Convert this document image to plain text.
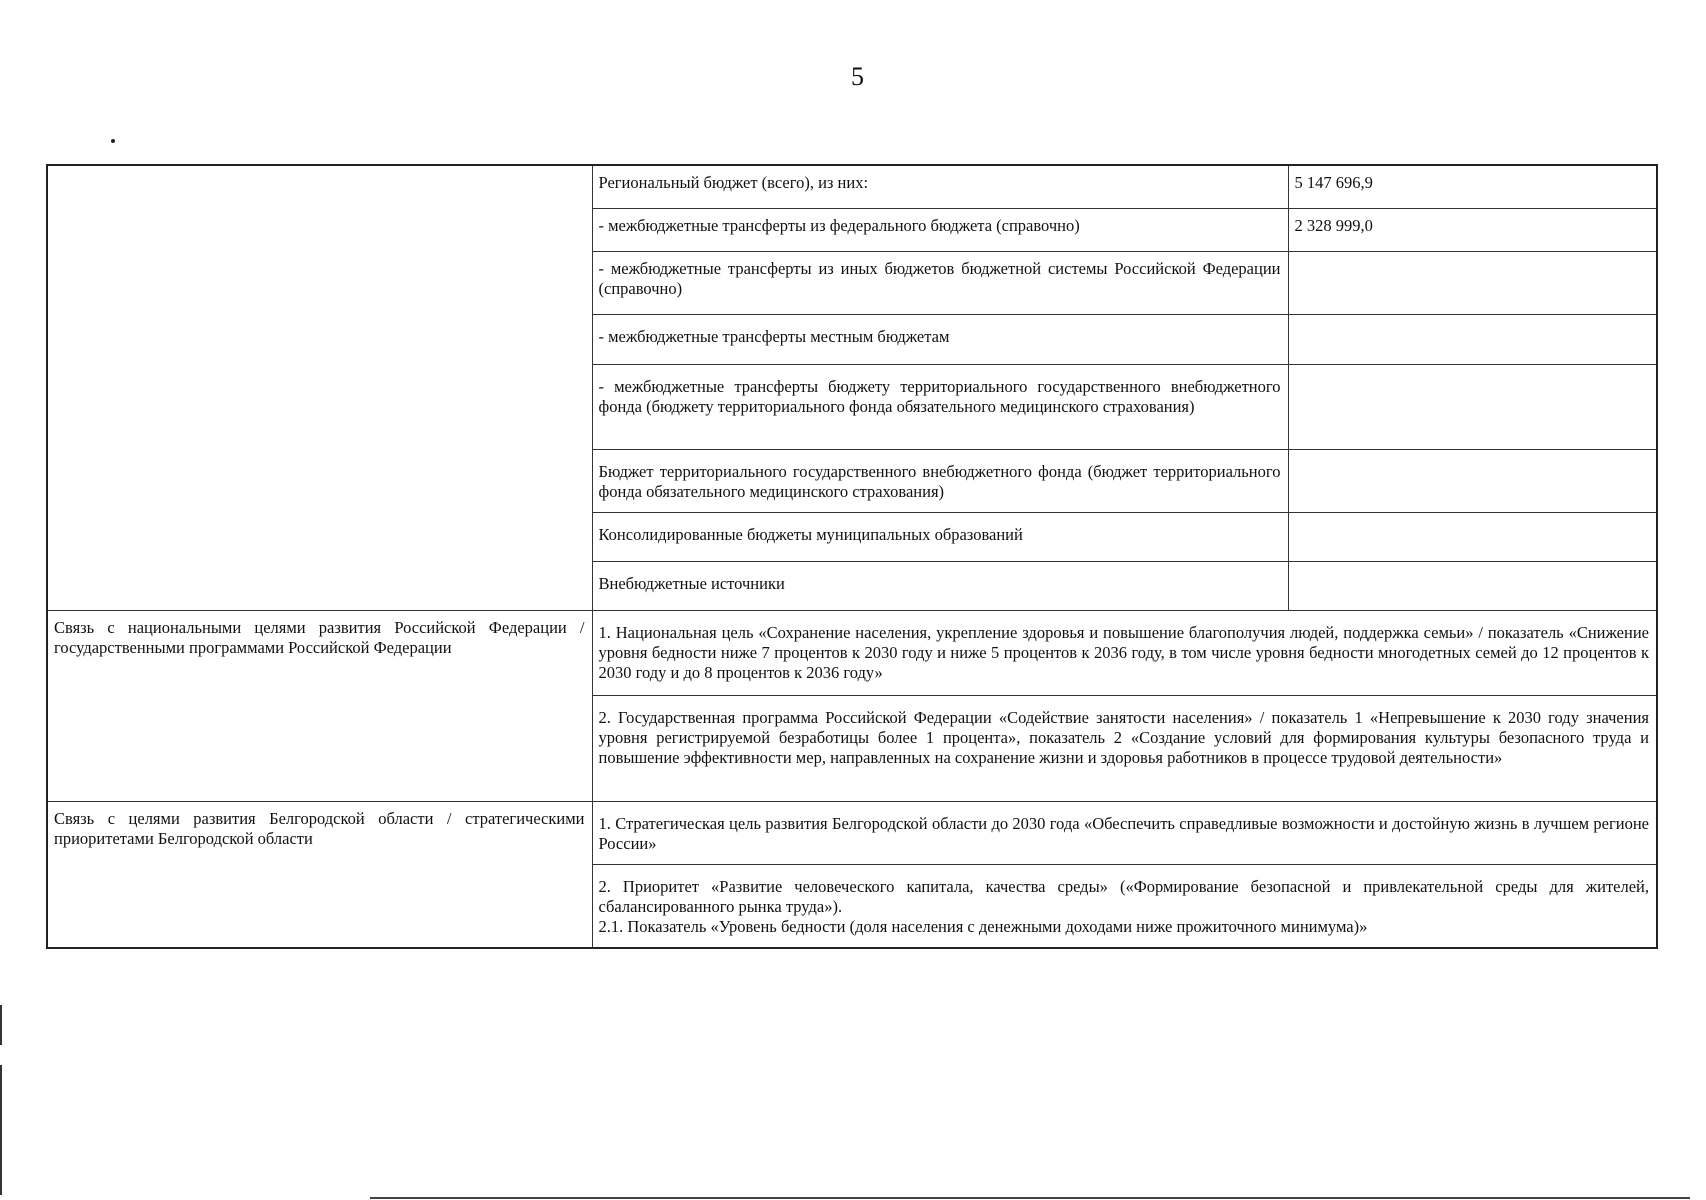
5
	Региональный бюджет (всего), из них:	5 147 696,9
	- межбюджетные трансферты из федерального бюджета (справочно)	2 328 999,0
	- межбюджетные трансферты из иных бюджетов бюджетной системы Российской Федерации (справочно)	
	- межбюджетные трансферты местным бюджетам	
	- межбюджетные трансферты бюджету территориального государственного внебюджетного фонда (бюджету территориального фонда обязательного медицинского страхования)	
	Бюджет территориального государственного внебюджетного фонда (бюджет территориального фонда обязательного медицинского страхования)	
	Консолидированные бюджеты муниципальных образований	
	Внебюджетные источники	
Связь с национальными целями развития Российской Федерации / государственными программами Российской Федерации	1. Национальная цель «Сохранение населения, укрепление здоровья и повышение благополучия людей, поддержка семьи» / показатель «Снижение уровня бедности ниже 7 процентов к 2030 году и ниже 5 процентов к 2036 году, в том числе уровня бедности многодетных семей до 12 процентов к 2030 году и до 8 процентов к 2036 году»	
	2. Государственная программа Российской Федерации «Содействие занятости населения» / показатель 1 «Непревышение к 2030 году значения уровня регистрируемой безработицы более 1 процента», показатель 2 «Создание условий для формирования культуры безопасного труда и повышение эффективности мер, направленных на сохранение жизни и здоровья работников в процессе трудовой деятельности»	
Связь с целями развития Белгородской области / стратегическими приоритетами Белгородской области	1. Стратегическая цель развития Белгородской области до 2030 года «Обеспечить справедливые возможности и достойную жизнь в лучшем регионе России»	

	2. Приоритет «Развитие человеческого капитала, качества среды» («Формирование безопасной и привлекательной среды для жителей, сбалансированного рынка труда»).
2.1. Показатель «Уровень бедности (доля населения с денежными доходами ниже прожиточного минимума)»	
